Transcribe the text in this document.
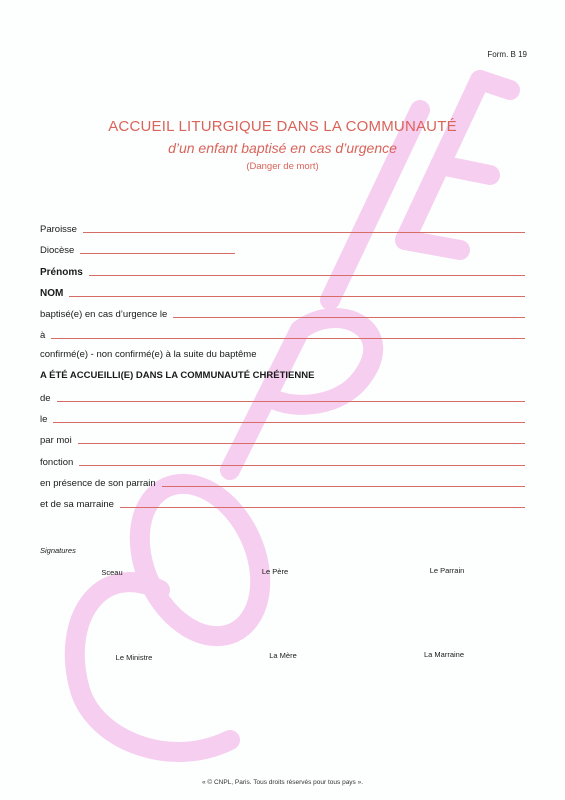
Form. B 19
ACCUEIL LITURGIQUE DANS LA COMMUNAUTÉ
d’un enfant baptisé en cas d’urgence
(Danger de mort)
Paroisse
Diocèse
Prénoms
NOM
baptisé(e) en cas d’urgence le
à
confirmé(e) - non confirmé(e) à la suite du baptême
A ÉTÉ ACCUEILLI(E) DANS LA COMMUNAUTÉ CHRÉTIENNE
de
le
par moi
fonction
en présence de son parrain
et de sa marraine
Signatures
Sceau	Le Père	Le Parrain
Le Ministre	La Mère	La Marraine
« © CNPL, Paris. Tous droits réservés pour tous pays ».
